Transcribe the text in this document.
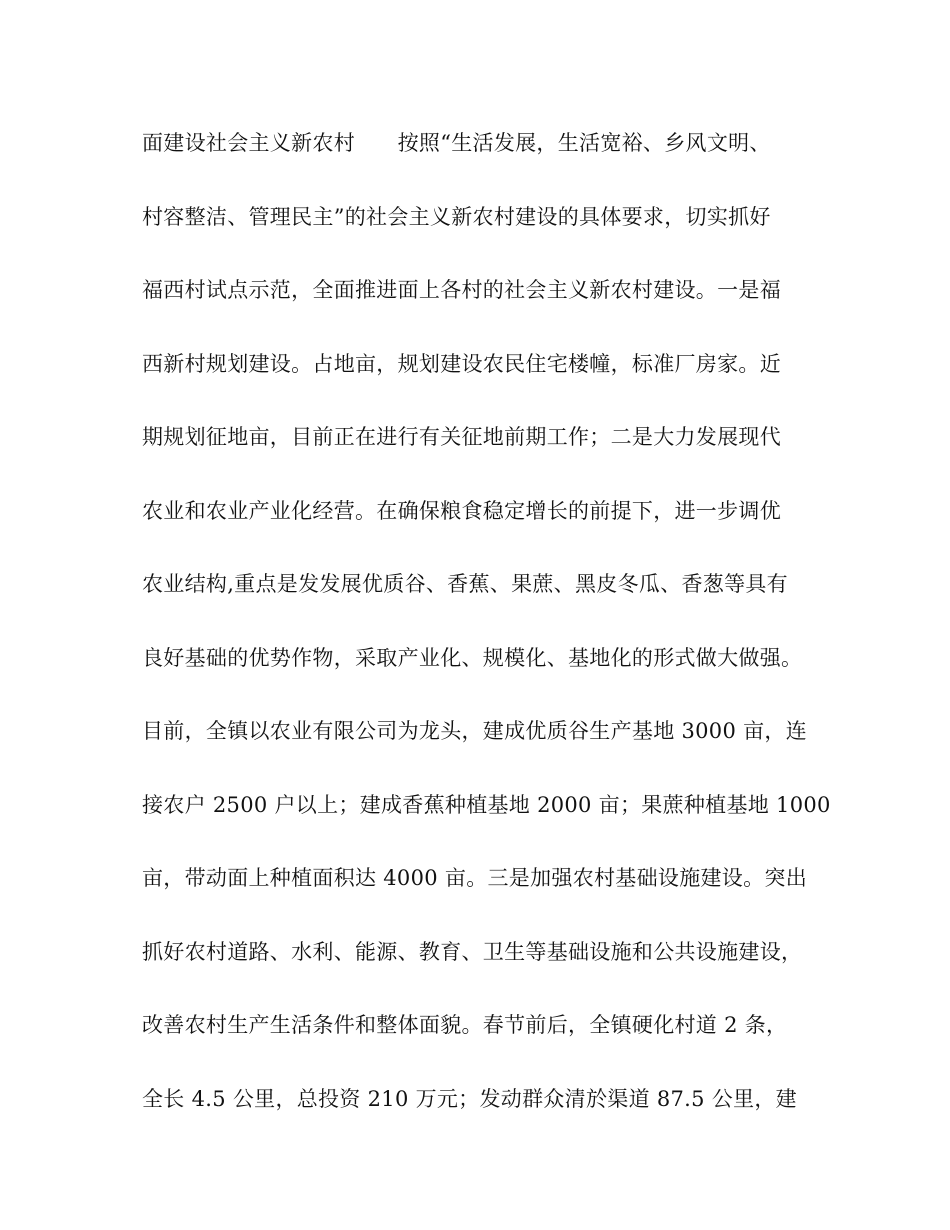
面建设社会主义新农村　　按照“生活发展，生活宽裕、乡风文明、
村容整洁、管理民主”的社会主义新农村建设的具体要求，切实抓好
福西村试点示范，全面推进面上各村的社会主义新农村建设。一是福
西新村规划建设。占地亩，规划建设农民住宅楼幢，标准厂房家。近
期规划征地亩，目前正在进行有关征地前期工作；二是大力发展现代
农业和农业产业化经营。在确保粮食稳定增长的前提下，进一步调优
农业结构,重点是发发展优质谷、香蕉、果蔗、黑皮冬瓜、香葱等具有
良好基础的优势作物，采取产业化、规模化、基地化的形式做大做强。
目前，全镇以农业有限公司为龙头，建成优质谷生产基地 3000 亩，连
接农户 2500 户以上；建成香蕉种植基地 2000 亩；果蔗种植基地 1000
亩，带动面上种植面积达 4000 亩。三是加强农村基础设施建设。突出
抓好农村道路、水利、能源、教育、卫生等基础设施和公共设施建设，
改善农村生产生活条件和整体面貌。春节前后，全镇硬化村道 2 条，
全长 4.5 公里，总投资 210 万元；发动群众清於渠道 87.5 公里，建
